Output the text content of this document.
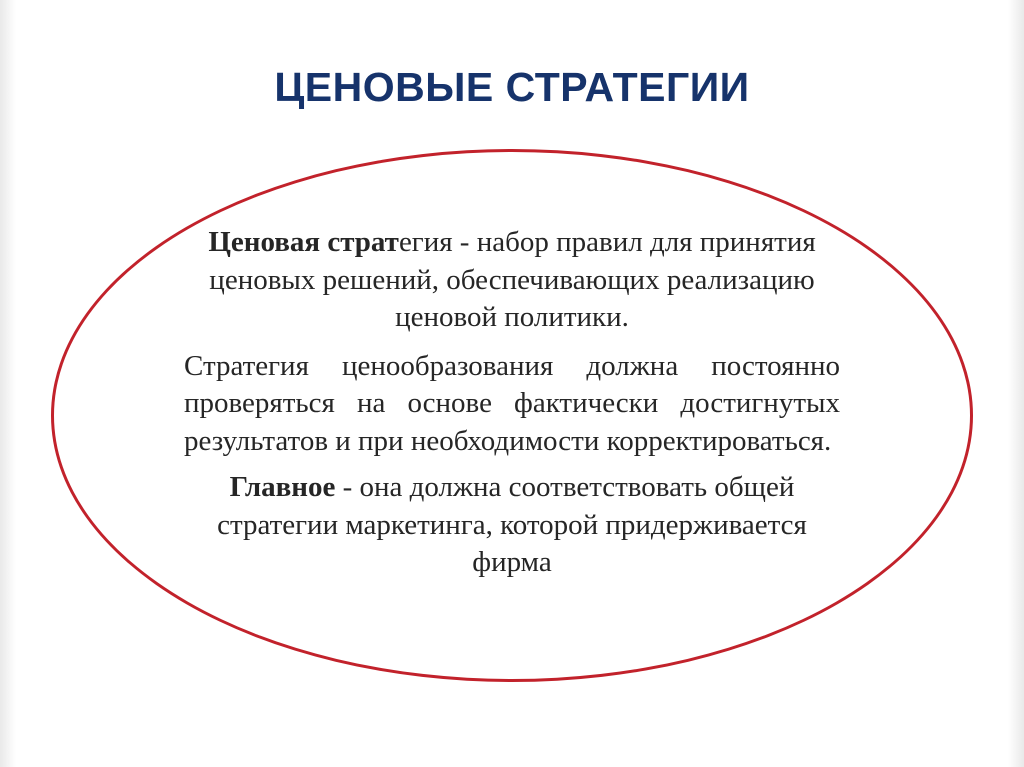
ЦЕНОВЫЕ СТРАТЕГИИ

Ценовая стратегия - набор правил для принятия ценовых решений, обеспечивающих реализацию ценовой политики.

Стратегия ценообразования должна постоянно проверяться на основе фактически достигнутых результатов и при необходимости корректироваться.

Главное - она должна соответствовать общей стратегии маркетинга, которой придерживается фирма
